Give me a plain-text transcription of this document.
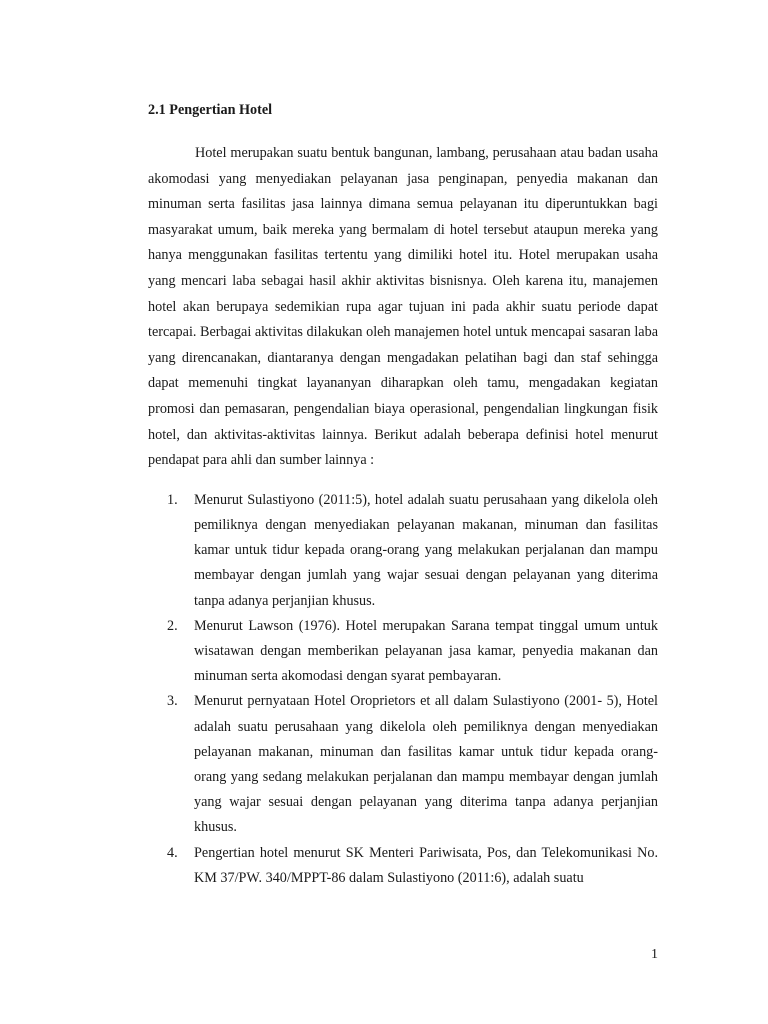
2.1 Pengertian Hotel

Hotel merupakan suatu bentuk bangunan, lambang, perusahaan atau badan usaha akomodasi yang menyediakan pelayanan jasa penginapan, penyedia makanan dan minuman serta fasilitas jasa lainnya dimana semua pelayanan itu diperuntukkan bagi masyarakat umum, baik mereka yang bermalam di hotel tersebut ataupun mereka yang hanya menggunakan fasilitas tertentu yang dimiliki hotel itu. Hotel merupakan usaha yang mencari laba sebagai hasil akhir aktivitas bisnisnya. Oleh karena itu, manajemen hotel akan berupaya sedemikian rupa agar tujuan ini pada akhir suatu periode dapat tercapai. Berbagai aktivitas dilakukan oleh manajemen hotel untuk mencapai sasaran laba yang direncanakan, diantaranya dengan mengadakan pelatihan bagi dan staf sehingga dapat memenuhi tingkat layananyan diharapkan oleh tamu, mengadakan kegiatan promosi dan pemasaran, pengendalian biaya operasional, pengendalian lingkungan fisik hotel, dan aktivitas-aktivitas lainnya. Berikut adalah beberapa definisi hotel menurut pendapat para ahli dan sumber lainnya :

1. Menurut Sulastiyono (2011:5), hotel adalah suatu perusahaan yang dikelola oleh pemiliknya dengan menyediakan pelayanan makanan, minuman dan fasilitas kamar untuk tidur kepada orang-orang yang melakukan perjalanan dan mampu membayar dengan jumlah yang wajar sesuai dengan pelayanan yang diterima tanpa adanya perjanjian khusus.
2. Menurut Lawson (1976). Hotel merupakan Sarana tempat tinggal umum untuk wisatawan dengan memberikan pelayanan jasa kamar, penyedia makanan dan minuman serta akomodasi dengan syarat pembayaran.
3. Menurut pernyataan Hotel Oroprietors et all dalam Sulastiyono (2001- 5), Hotel adalah suatu perusahaan yang dikelola oleh pemiliknya dengan menyediakan pelayanan makanan, minuman dan fasilitas kamar untuk tidur kepada orang-orang yang sedang melakukan perjalanan dan mampu membayar dengan jumlah yang wajar sesuai dengan pelayanan yang diterima tanpa adanya perjanjian khusus.
4. Pengertian hotel menurut SK Menteri Pariwisata, Pos, dan Telekomunikasi No. KM 37/PW. 340/MPPT-86 dalam Sulastiyono (2011:6), adalah suatu
1
